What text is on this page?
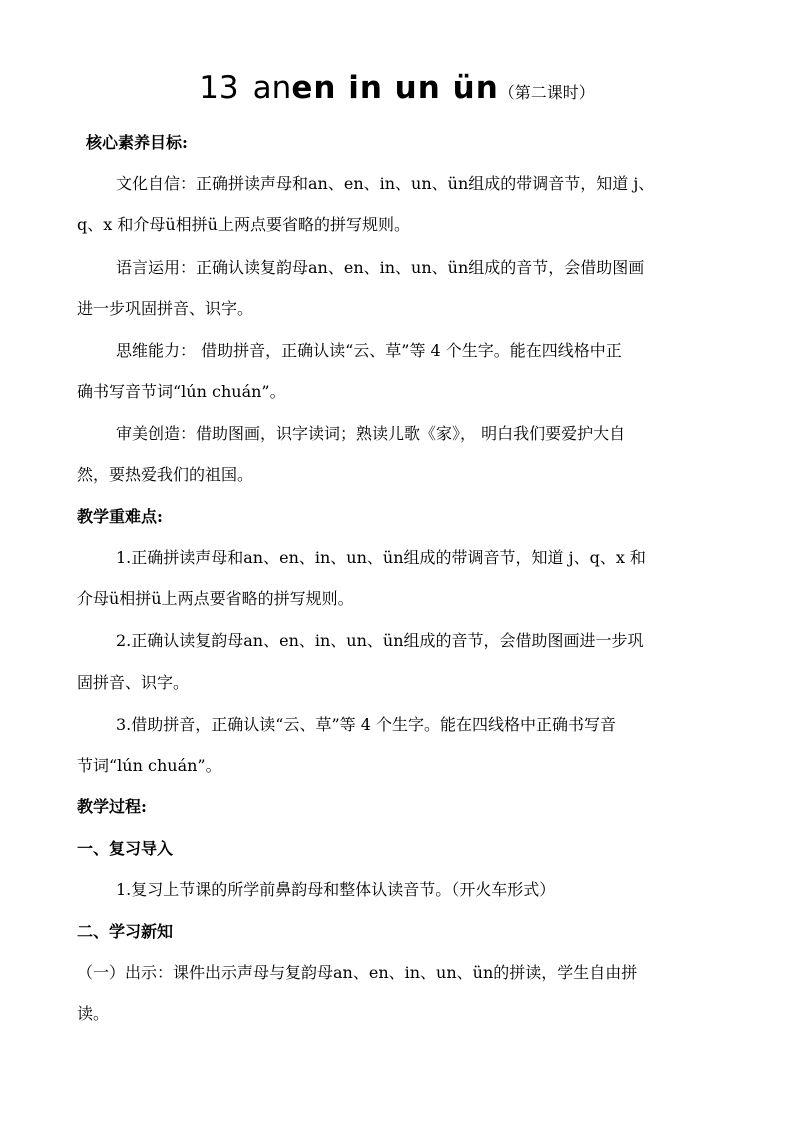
13 anen in un ün（第二课时）
核心素养目标:
文化自信：正确拼读声母和an、en、in、un、ün组成的带调音节，知道 j、
q、x 和介母ü相拼ü上两点要省略的拼写规则。
语言运用：正确认读复韵母an、en、in、un、ün组成的音节，会借助图画
进一步巩固拼音、识字。
思维能力： 借助拼音，正确认读“云、草”等 4 个生字。能在四线格中正
确书写音节词“lún chuán”。
审美创造：借助图画，识字读词；熟读儿歌《家》， 明白我们要爱护大自
然，要热爱我们的祖国。
教学重难点:
1.正确拼读声母和an、en、in、un、ün组成的带调音节，知道 j、q、x 和
介母ü相拼ü上两点要省略的拼写规则。
2.正确认读复韵母an、en、in、un、ün组成的音节，会借助图画进一步巩
固拼音、识字。
3.借助拼音，正确认读“云、草”等 4 个生字。能在四线格中正确书写音
节词“lún chuán”。
教学过程:
一、复习导入
1.复习上节课的所学前鼻韵母和整体认读音节。（开火车形式）
二、学习新知
（一）出示：课件出示声母与复韵母an、en、in、un、ün的拼读，学生自由拼
读。
